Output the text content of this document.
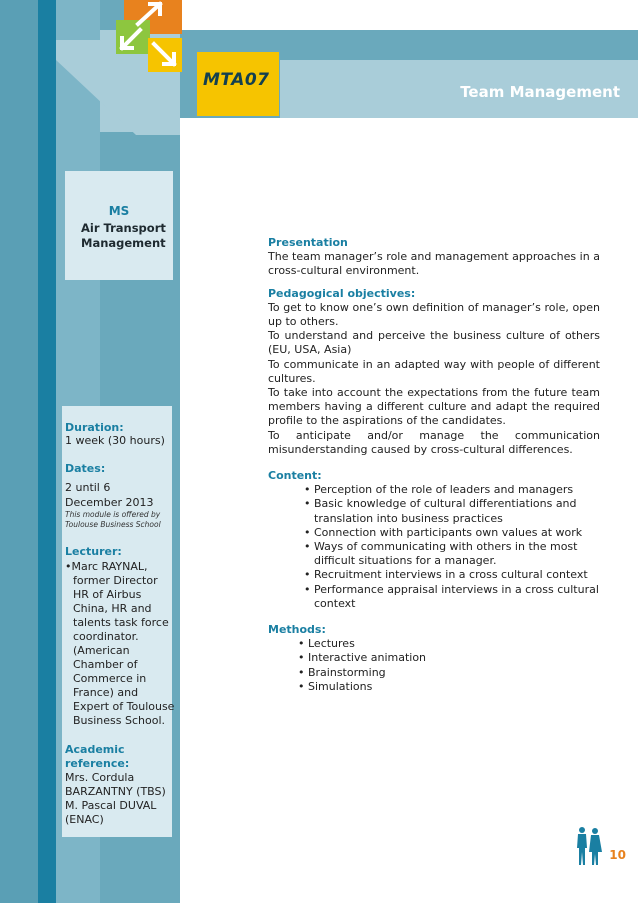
MTA07
Team Management
MS
Air Transport Management
Duration:
1 week (30 hours)
Dates:
2 until 6
December 2013
This module is offered by
Toulouse Business School
Lecturer:
•Marc RAYNAL,
former Director
HR of Airbus
China, HR and
talents task force
coordinator.
(American
Chamber of
Commerce in
France) and
Expert of Toulouse
Business School.
Academic
reference:
Mrs. Cordula
BARZANTNY (TBS)
M. Pascal DUVAL
(ENAC)
Presentation
The team manager’s role and management approaches in a cross-cultural environment.
Pedagogical objectives:
To get to know one’s own definition of manager’s role, open up to others.
To understand and perceive the business culture of others (EU, USA, Asia)
To communicate in an adapted way with people of different cultures.
To take into account the expectations from the future team members having a different culture and adapt the required profile to the aspirations of the candidates.
To anticipate and/or manage the communication misunderstanding caused by cross-cultural differences.
Content:
• Perception of the role of leaders and managers
• Basic knowledge of cultural differentiations and
translation into business practices
• Connection with participants own values at work
• Ways of communicating with others in the most
difficult situations for a manager.
• Recruitment interviews in a cross cultural context
• Performance appraisal interviews in a cross cultural
context
Methods:
• Lectures
• Interactive animation
• Brainstorming
• Simulations
10
